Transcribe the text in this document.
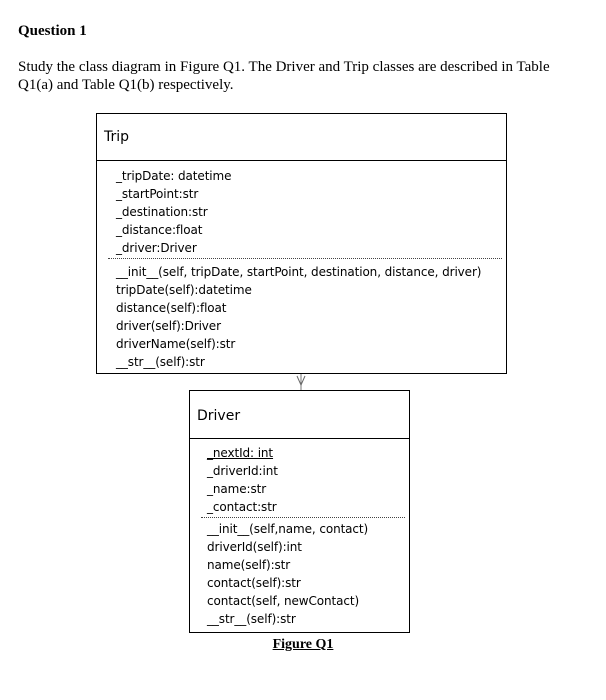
Question 1
Study the class diagram in Figure Q1. The Driver and Trip classes are described in Table
Q1(a) and Table Q1(b) respectively.
Trip
_tripDate: datetime
_startPoint:str
_destination:str
_distance:float
_driver:Driver
__init__(self, tripDate, startPoint, destination, distance, driver)
tripDate(self):datetime
distance(self):float
driver(self):Driver
driverName(self):str
__str__(self):str
Driver
_nextId: int
_driverId:int
_name:str
_contact:str
__init__(self,name, contact)
driverId(self):int
name(self):str
contact(self):str
contact(self, newContact)
__str__(self):str
Figure Q1
